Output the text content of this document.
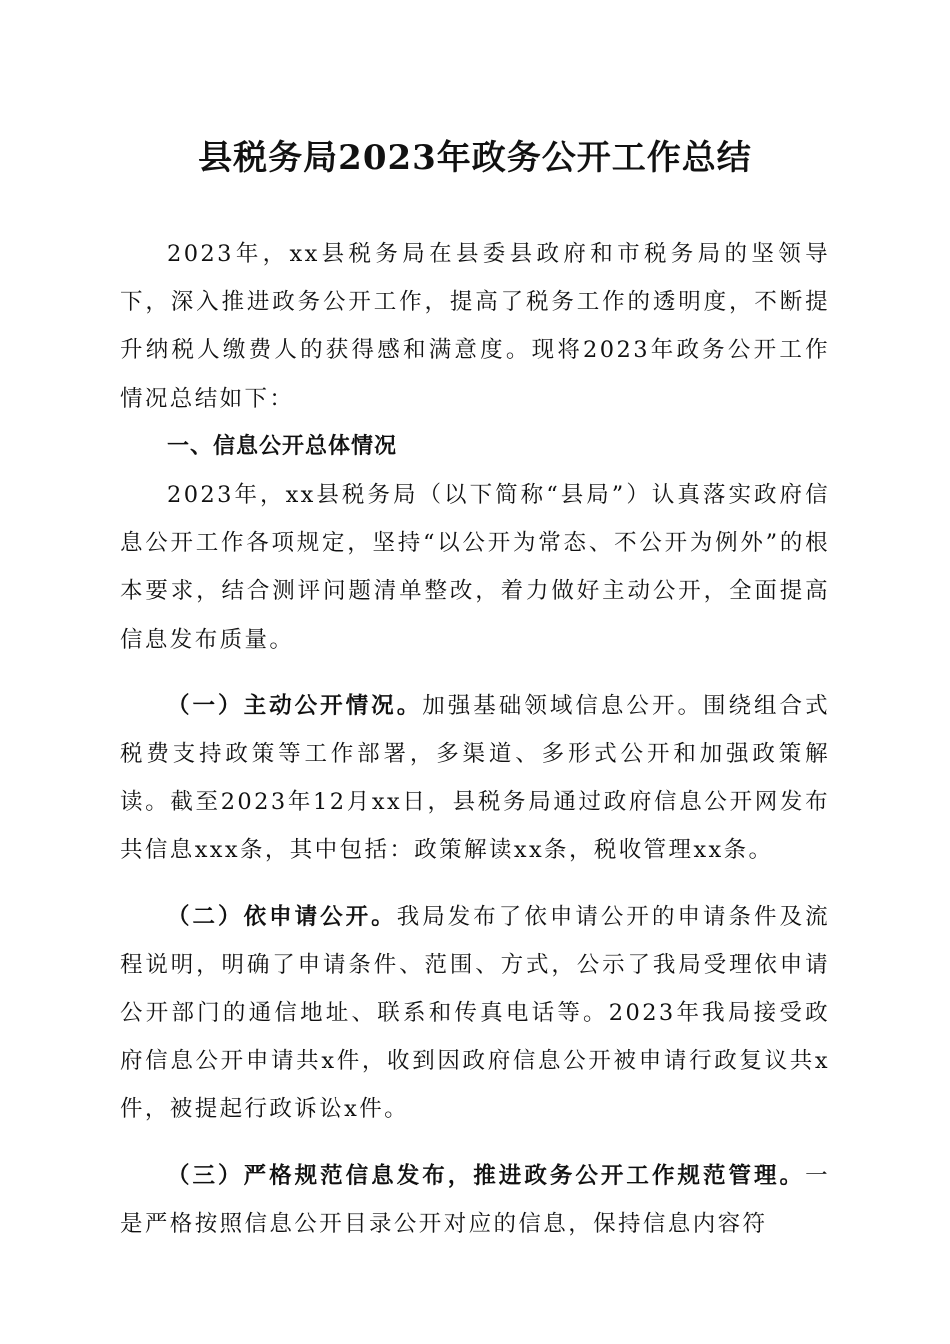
县税务局2023年政务公开工作总结

2023年，xx县税务局在县委县政府和市税务局的坚领导下，深入推进政务公开工作，提高了税务工作的透明度，不断提升纳税人缴费人的获得感和满意度。现将2023年政务公开工作情况总结如下：

一、信息公开总体情况

2023年，xx县税务局（以下简称“县局”）认真落实政府信息公开工作各项规定，坚持“以公开为常态、不公开为例外”的根本要求，结合测评问题清单整改，着力做好主动公开，全面提高信息发布质量。

（一）主动公开情况。加强基础领域信息公开。围绕组合式税费支持政策等工作部署，多渠道、多形式公开和加强政策解读。截至2023年12月xx日，县税务局通过政府信息公开网发布共信息xxx条，其中包括：政策解读xx条，税收管理xx条。

（二）依申请公开。我局发布了依申请公开的申请条件及流程说明，明确了申请条件、范围、方式，公示了我局受理依申请公开部门的通信地址、联系和传真电话等。2023年我局接受政府信息公开申请共x件，收到因政府信息公开被申请行政复议共x件，被提起行政诉讼x件。

（三）严格规范信息发布，推进政务公开工作规范管理。一是严格按照信息公开目录公开对应的信息，保持信息内容符
